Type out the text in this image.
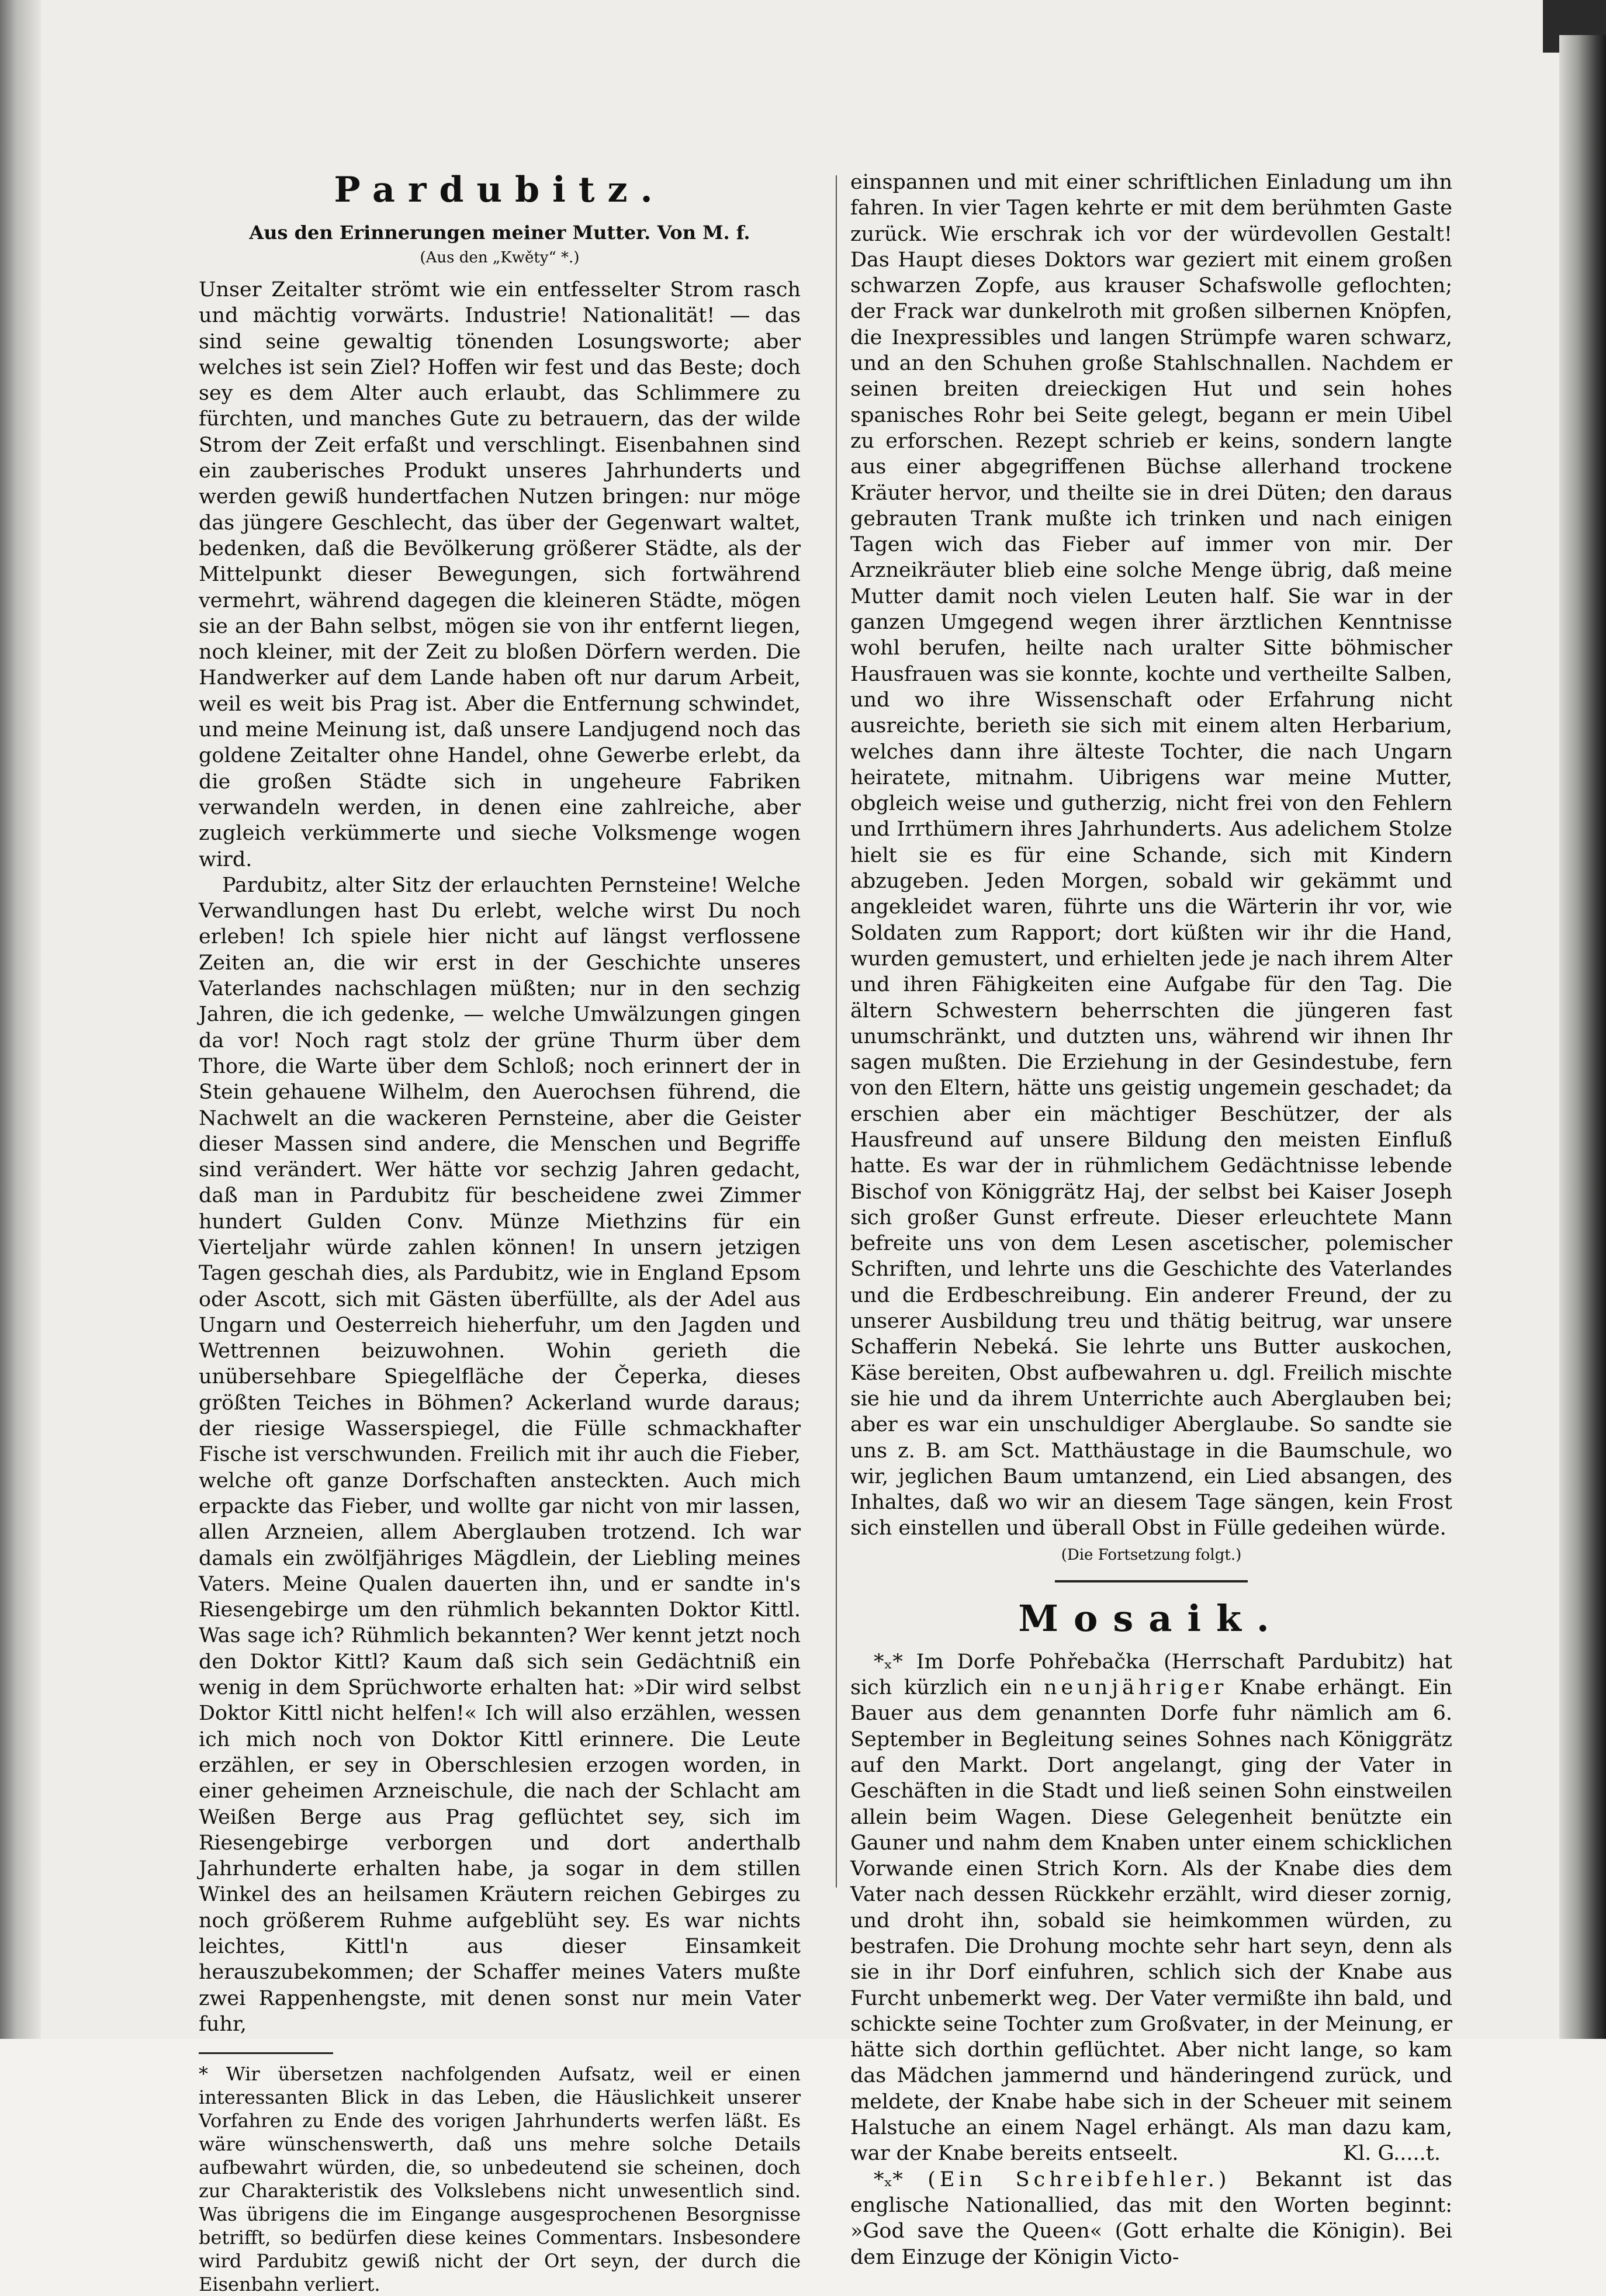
Pardubitz.

Aus den Erinnerungen meiner Mutter. Von M. f.

(Aus den „Kwěty“ *.)

Unser Zeitalter strömt wie ein entfesselter Strom rasch und mächtig vorwärts. Industrie! Nationalität! — das sind seine gewaltig tönenden Losungsworte; aber welches ist sein Ziel? Hoffen wir fest und das Beste; doch sey es dem Alter auch erlaubt, das Schlimmere zu fürchten, und manches Gute zu betrauern, das der wilde Strom der Zeit erfaßt und verschlingt. Eisenbahnen sind ein zauberisches Produkt unseres Jahrhunderts und werden gewiß hundertfachen Nutzen bringen: nur möge das jüngere Geschlecht, das über der Gegenwart waltet, bedenken, daß die Bevölkerung größerer Städte, als der Mittelpunkt dieser Bewegungen, sich fortwährend vermehrt, während dagegen die kleineren Städte, mögen sie an der Bahn selbst, mögen sie von ihr entfernt liegen, noch kleiner, mit der Zeit zu bloßen Dörfern werden. Die Handwerker auf dem Lande haben oft nur darum Arbeit, weil es weit bis Prag ist. Aber die Entfernung schwindet, und meine Meinung ist, daß unsere Landjugend noch das goldene Zeitalter ohne Handel, ohne Gewerbe erlebt, da die großen Städte sich in ungeheure Fabriken verwandeln werden, in denen eine zahlreiche, aber zugleich verkümmerte und sieche Volksmenge wogen wird.

Pardubitz, alter Sitz der erlauchten Pernsteine! Welche Verwandlungen hast Du erlebt, welche wirst Du noch erleben! Ich spiele hier nicht auf längst verflossene Zeiten an, die wir erst in der Geschichte unseres Vaterlandes nachschlagen müßten; nur in den sechzig Jahren, die ich gedenke, — welche Umwälzungen gingen da vor! Noch ragt stolz der grüne Thurm über dem Thore, die Warte über dem Schloß; noch erinnert der in Stein gehauene Wilhelm, den Auerochsen führend, die Nachwelt an die wackeren Pernsteine, aber die Geister dieser Massen sind andere, die Menschen und Begriffe sind verändert. Wer hätte vor sechzig Jahren gedacht, daß man in Pardubitz für bescheidene zwei Zimmer hundert Gulden Conv. Münze Miethzins für ein Vierteljahr würde zahlen können! In unsern jetzigen Tagen geschah dies, als Pardubitz, wie in England Epsom oder Ascott, sich mit Gästen überfüllte, als der Adel aus Ungarn und Oesterreich hieherfuhr, um den Jagden und Wettrennen beizuwohnen. Wohin gerieth die unübersehbare Spiegelfläche der Čeperka, dieses größten Teiches in Böhmen? Ackerland wurde daraus; der riesige Wasserspiegel, die Fülle schmackhafter Fische ist verschwunden. Freilich mit ihr auch die Fieber, welche oft ganze Dorfschaften ansteckten. Auch mich erpackte das Fieber, und wollte gar nicht von mir lassen, allen Arzneien, allem Aberglauben trotzend. Ich war damals ein zwölfjähriges Mägdlein, der Liebling meines Vaters. Meine Qualen dauerten ihn, und er sandte in's Riesengebirge um den rühmlich bekannten Doktor Kittl. Was sage ich? Rühmlich bekannten? Wer kennt jetzt noch den Doktor Kittl? Kaum daß sich sein Gedächtniß ein wenig in dem Sprüchworte erhalten hat: »Dir wird selbst Doktor Kittl nicht helfen!« Ich will also erzählen, wessen ich mich noch von Doktor Kittl erinnere. Die Leute erzählen, er sey in Oberschlesien erzogen worden, in einer geheimen Arzneischule, die nach der Schlacht am Weißen Berge aus Prag geflüchtet sey, sich im Riesengebirge verborgen und dort anderthalb Jahrhunderte erhalten habe, ja sogar in dem stillen Winkel des an heilsamen Kräutern reichen Gebirges zu noch größerem Ruhme aufgeblüht sey. Es war nichts leichtes, Kittl'n aus dieser Einsamkeit herauszubekommen; der Schaffer meines Vaters mußte zwei Rappenhengste, mit denen sonst nur mein Vater fuhr,

* Wir übersetzen nachfolgenden Aufsatz, weil er einen interessanten Blick in das Leben, die Häuslichkeit unserer Vorfahren zu Ende des vorigen Jahrhunderts werfen läßt. Es wäre wünschenswerth, daß uns mehre solche Details aufbewahrt würden, die, so unbedeutend sie scheinen, doch zur Charakteristik des Volkslebens nicht unwesentlich sind. Was übrigens die im Eingange ausgesprochenen Besorgnisse betrifft, so bedürfen diese keines Commentars. Insbesondere wird Pardubitz gewiß nicht der Ort seyn, der durch die Eisenbahn verliert.

einspannen und mit einer schriftlichen Einladung um ihn fahren. In vier Tagen kehrte er mit dem berühmten Gaste zurück. Wie erschrak ich vor der würdevollen Gestalt! Das Haupt dieses Doktors war geziert mit einem großen schwarzen Zopfe, aus krauser Schafswolle geflochten; der Frack war dunkelroth mit großen silbernen Knöpfen, die Inexpressibles und langen Strümpfe waren schwarz, und an den Schuhen große Stahlschnallen. Nachdem er seinen breiten dreieckigen Hut und sein hohes spanisches Rohr bei Seite gelegt, begann er mein Uibel zu erforschen. Rezept schrieb er keins, sondern langte aus einer abgegriffenen Büchse allerhand trockene Kräuter hervor, und theilte sie in drei Düten; den daraus gebrauten Trank mußte ich trinken und nach einigen Tagen wich das Fieber auf immer von mir. Der Arzneikräuter blieb eine solche Menge übrig, daß meine Mutter damit noch vielen Leuten half. Sie war in der ganzen Umgegend wegen ihrer ärztlichen Kenntnisse wohl berufen, heilte nach uralter Sitte böhmischer Hausfrauen was sie konnte, kochte und vertheilte Salben, und wo ihre Wissenschaft oder Erfahrung nicht ausreichte, berieth sie sich mit einem alten Herbarium, welches dann ihre älteste Tochter, die nach Ungarn heiratete, mitnahm. Uibrigens war meine Mutter, obgleich weise und gutherzig, nicht frei von den Fehlern und Irrthümern ihres Jahrhunderts. Aus adelichem Stolze hielt sie es für eine Schande, sich mit Kindern abzugeben. Jeden Morgen, sobald wir gekämmt und angekleidet waren, führte uns die Wärterin ihr vor, wie Soldaten zum Rapport; dort küßten wir ihr die Hand, wurden gemustert, und erhielten jede je nach ihrem Alter und ihren Fähigkeiten eine Aufgabe für den Tag. Die ältern Schwestern beherrschten die jüngeren fast unumschränkt, und dutzten uns, während wir ihnen Ihr sagen mußten. Die Erziehung in der Gesindestube, fern von den Eltern, hätte uns geistig ungemein geschadet; da erschien aber ein mächtiger Beschützer, der als Hausfreund auf unsere Bildung den meisten Einfluß hatte. Es war der in rühmlichem Gedächtnisse lebende Bischof von Königgrätz Haj, der selbst bei Kaiser Joseph sich großer Gunst erfreute. Dieser erleuchtete Mann befreite uns von dem Lesen ascetischer, polemischer Schriften, und lehrte uns die Geschichte des Vaterlandes und die Erdbeschreibung. Ein anderer Freund, der zu unserer Ausbildung treu und thätig beitrug, war unsere Schafferin Nebeká. Sie lehrte uns Butter auskochen, Käse bereiten, Obst aufbewahren u. dgl. Freilich mischte sie hie und da ihrem Unterrichte auch Aberglauben bei; aber es war ein unschuldiger Aberglaube. So sandte sie uns z. B. am Sct. Matthäustage in die Baumschule, wo wir, jeglichen Baum umtanzend, ein Lied absangen, des Inhaltes, daß wo wir an diesem Tage sängen, kein Frost sich einstellen und überall Obst in Fülle gedeihen würde.

(Die Fortsetzung folgt.)

Mosaik.

*ₓ* Im Dorfe Pohřebačka (Herrschaft Pardubitz) hat sich kürzlich ein neunjähriger Knabe erhängt. Ein Bauer aus dem genannten Dorfe fuhr nämlich am 6. September in Begleitung seines Sohnes nach Königgrätz auf den Markt. Dort angelangt, ging der Vater in Geschäften in die Stadt und ließ seinen Sohn einstweilen allein beim Wagen. Diese Gelegenheit benützte ein Gauner und nahm dem Knaben unter einem schicklichen Vorwande einen Strich Korn. Als der Knabe dies dem Vater nach dessen Rückkehr erzählt, wird dieser zornig, und droht ihn, sobald sie heimkommen würden, zu bestrafen. Die Drohung mochte sehr hart seyn, denn als sie in ihr Dorf einfuhren, schlich sich der Knabe aus Furcht unbemerkt weg. Der Vater vermißte ihn bald, und schickte seine Tochter zum Großvater, in der Meinung, er hätte sich dorthin geflüchtet. Aber nicht lange, so kam das Mädchen jammernd und händeringend zurück, und meldete, der Knabe habe sich in der Scheuer mit seinem Halstuche an einem Nagel erhängt. Als man dazu kam, war der Knabe bereits entseelt.	Kl. G.....t.

*ₓ* (Ein Schreibfehler.) Bekannt ist das englische Nationallied, das mit den Worten beginnt: »God save the Queen« (Gott erhalte die Königin). Bei dem Einzuge der Königin Victo-
